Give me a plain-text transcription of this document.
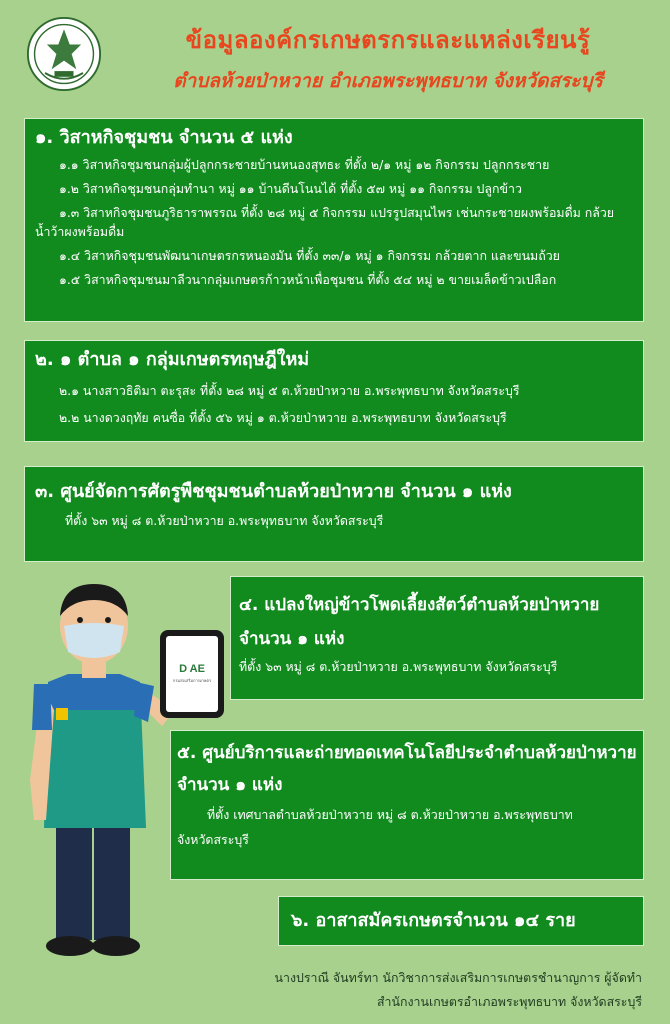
ข้อมูลองค์กรเกษตรกรและแหล่งเรียนรู้
ตำบลห้วยป่าหวาย อำเภอพระพุทธบาท จังหวัดสระบุรี
๑. วิสาหกิจชุมชน จำนวน ๕ แห่ง
๑.๑ วิสาหกิจชุมชนกลุ่มผู้ปลูกกระชายบ้านหนองสุทธะ ที่ตั้ง ๒/๑ หมู่ ๑๒ กิจกรรม ปลูกกระชาย
๑.๒ วิสาหกิจชุมชนกลุ่มทำนา หมู่ ๑๑ บ้านดีนโนนได้ ที่ตั้ง ๕๗ หมู่ ๑๑ กิจกรรม ปลูกข้าว
๑.๓ วิสาหกิจชุมชนภูริธาราพรรณ ที่ตั้ง ๒๘ หมู่ ๕ กิจกรรม แปรรูปสมุนไพร เช่นกระชายผงพร้อมดื่ม กล้วยน้ำว้าผงพร้อมดื่ม
๑.๔ วิสาหกิจชุมชนพัฒนาเกษตรกรหนองมัน ที่ตั้ง ๓๓/๑ หมู่ ๑ กิจกรรม กล้วยตาก และขนมถ้วย
๑.๕ วิสาหกิจชุมชนมาลีวนากลุ่มเกษตรก้าวหน้าเพื่อชุมชน ที่ตั้ง ๕๔ หมู่ ๒ ขายเมล็ดข้าวเปลือก
๒. ๑ ตำบล ๑ กลุ่มเกษตรทฤษฎีใหม่
๒.๑ นางสาวธิติมา ตะรุสะ ที่ตั้ง ๒๘ หมู่ ๕ ต.ห้วยป่าหวาย อ.พระพุทธบาท จังหวัดสระบุรี
๒.๒ นางดวงฤทัย คนซื่อ ที่ตั้ง ๕๖ หมู่ ๑ ต.ห้วยป่าหวาย อ.พระพุทธบาท จังหวัดสระบุรี
๓. ศูนย์จัดการศัตรูพืชชุมชนตำบลห้วยป่าหวาย จำนวน ๑ แห่ง
ที่ตั้ง ๖๓ หมู่ ๘ ต.ห้วยป่าหวาย อ.พระพุทธบาท จังหวัดสระบุรี
๔. แปลงใหญ่ข้าวโพดเลี้ยงสัตว์ตำบลห้วยป่าหวาย
จำนวน ๑ แห่ง
ที่ตั้ง ๖๓ หมู่ ๘ ต.ห้วยป่าหวาย อ.พระพุทธบาท จังหวัดสระบุรี
๕. ศูนย์บริการและถ่ายทอดเทคโนโลยีประจำตำบลห้วยป่าหวาย
จำนวน ๑ แห่ง
ที่ตั้ง เทศบาลตำบลห้วยป่าหวาย หมู่ ๘ ต.ห้วยป่าหวาย อ.พระพุทธบาท
จังหวัดสระบุรี
๖. อาสาสมัครเกษตรจำนวน ๑๔ ราย
D AE
กรมส่งเสริมการเกษตร
นางปราณี จันทร์ทา นักวิชาการส่งเสริมการเกษตรชำนาญการ ผู้จัดทำ
สำนักงานเกษตรอำเภอพระพุทธบาท จังหวัดสระบุรี
